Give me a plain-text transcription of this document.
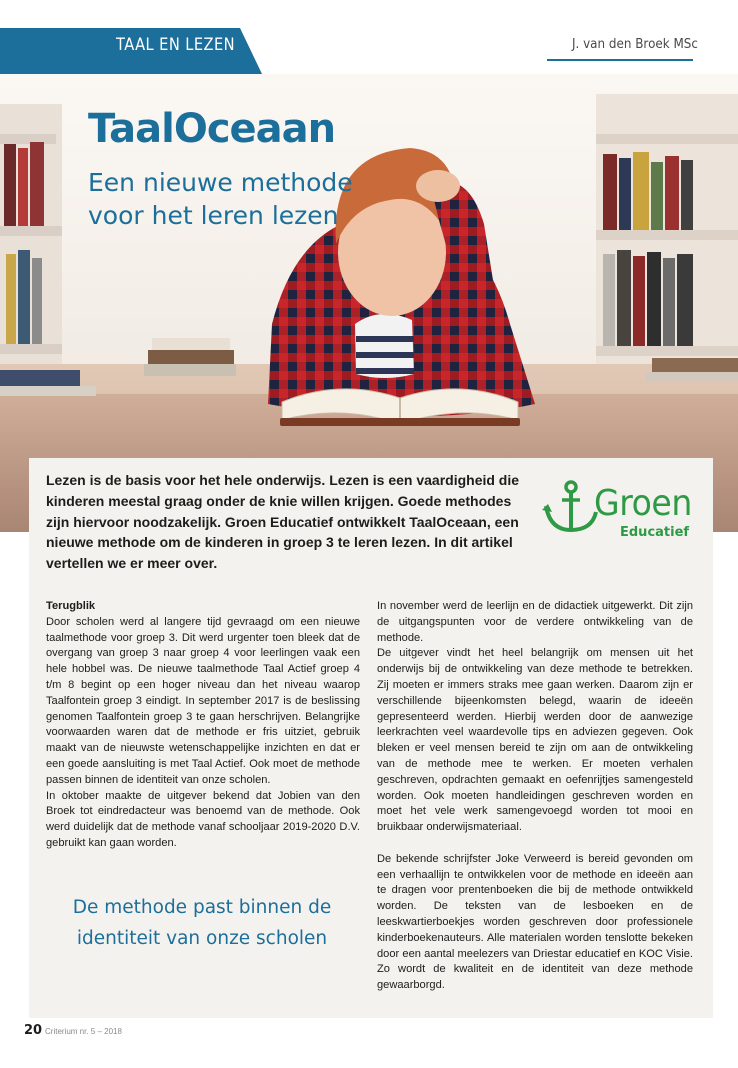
TAAL EN LEZEN	J. van den Broek MSc
TaalOceaan
Een nieuwe methode voor het leren lezen
Lezen is de basis voor het hele onderwijs. Lezen is een vaardigheid die kinderen meestal graag onder de knie willen krijgen. Goede methodes zijn hiervoor noodzakelijk. Groen Educatief ontwikkelt TaalOceaan, een nieuwe methode om de kinderen in groep 3 te leren lezen. In dit artikel vertellen we er meer over.
Groen
Educatief

Terugblik

Door scholen werd al langere tijd gevraagd om een nieuwe taalmethode voor groep 3. Dit werd urgenter toen bleek dat de overgang van groep 3 naar groep 4 voor leerlingen vaak een hele hobbel was. De nieuwe taalmethode Taal Actief groep 4 t/m 8 begint op een hoger niveau dan het niveau waarop Taalfontein groep 3 eindigt. In september 2017 is de beslissing genomen Taalfontein groep 3 te gaan herschrijven. Belangrijke voorwaarden waren dat de methode er fris uitziet, gebruik maakt van de nieuwste wetenschappelijke inzichten en dat er een goede aansluiting is met Taal Actief. Ook moet de methode passen binnen de identiteit van onze scholen.

In oktober maakte de uitgever bekend dat Jobien van den Broek tot eindredacteur was benoemd van de methode. Ook werd duidelijk dat de methode vanaf schooljaar 2019-2020 D.V. gebruikt kan gaan worden.

De methode past binnen de identiteit van onze scholen

In november werd de leerlijn en de didactiek uitgewerkt. Dit zijn de uitgangspunten voor de verdere ontwikkeling van de methode.

De uitgever vindt het heel belangrijk om mensen uit het onderwijs bij de ontwikkeling van deze methode te betrekken. Zij moeten er immers straks mee gaan werken. Daarom zijn er verschillende bijeenkomsten belegd, waarin de ideeën gepresenteerd werden. Hierbij werden door de aanwezige leerkrachten veel waardevolle tips en adviezen gegeven. Ook bleken er veel mensen bereid te zijn om aan de ontwikkeling van de methode mee te werken. Er moeten verhalen geschreven, opdrachten gemaakt en oefenrijtjes samengesteld worden. Ook moeten handleidingen geschreven worden en moet het vele werk samengevoegd worden tot mooi en bruikbaar onderwijsmateriaal.

De bekende schrijfster Joke Verweerd is bereid gevonden om een verhaallijn te ontwikkelen voor de methode en ideeën aan te dragen voor prentenboeken die bij de methode ontwikkeld worden. De teksten van de lesboeken en de leeskwartierboekjes worden geschreven door professionele kinderboekenauteurs. Alle materialen worden tenslotte bekeken door een aantal meelezers van Driestar educatief en KOC Visie. Zo wordt de kwaliteit en de identiteit van deze methode gewaarborgd.

20 Criterium nr. 5 – 2018
